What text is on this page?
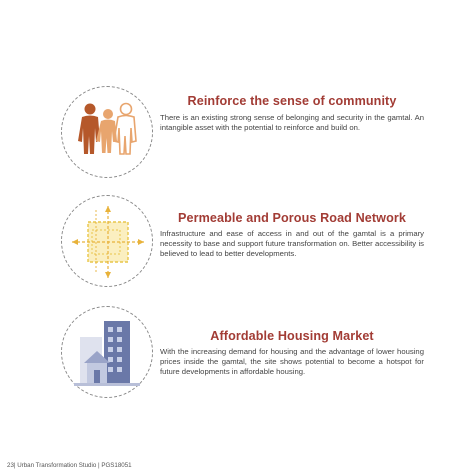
Reinforce the sense of community
There is an existing strong sense of belonging and security in the gamtal. An intangible asset with the potential to reinforce and build on.
Permeable and Porous Road Network
Infrastructure and ease of access in and out of the gamtal is a primary necessity to base and support future transformation on. Better accessibility is believed to lead to better developments.
Affordable Housing Market
With the increasing demand for housing and the advantage of lower housing prices inside the gamtal, the site shows potential to become a hotspot for future developments in affordable housing.
23| Urban Transformation Studio | PGS18051
